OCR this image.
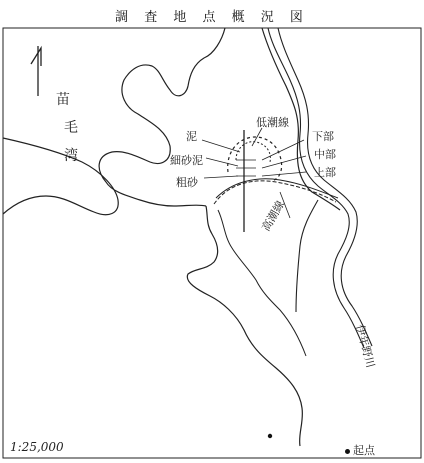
調 査 地 点 概 況 図
苗
毛
湾
低潮線
泥
細砂泥
粗砂
下部
中部
上部
高潮線
伊年野川
1:25,000	起点
